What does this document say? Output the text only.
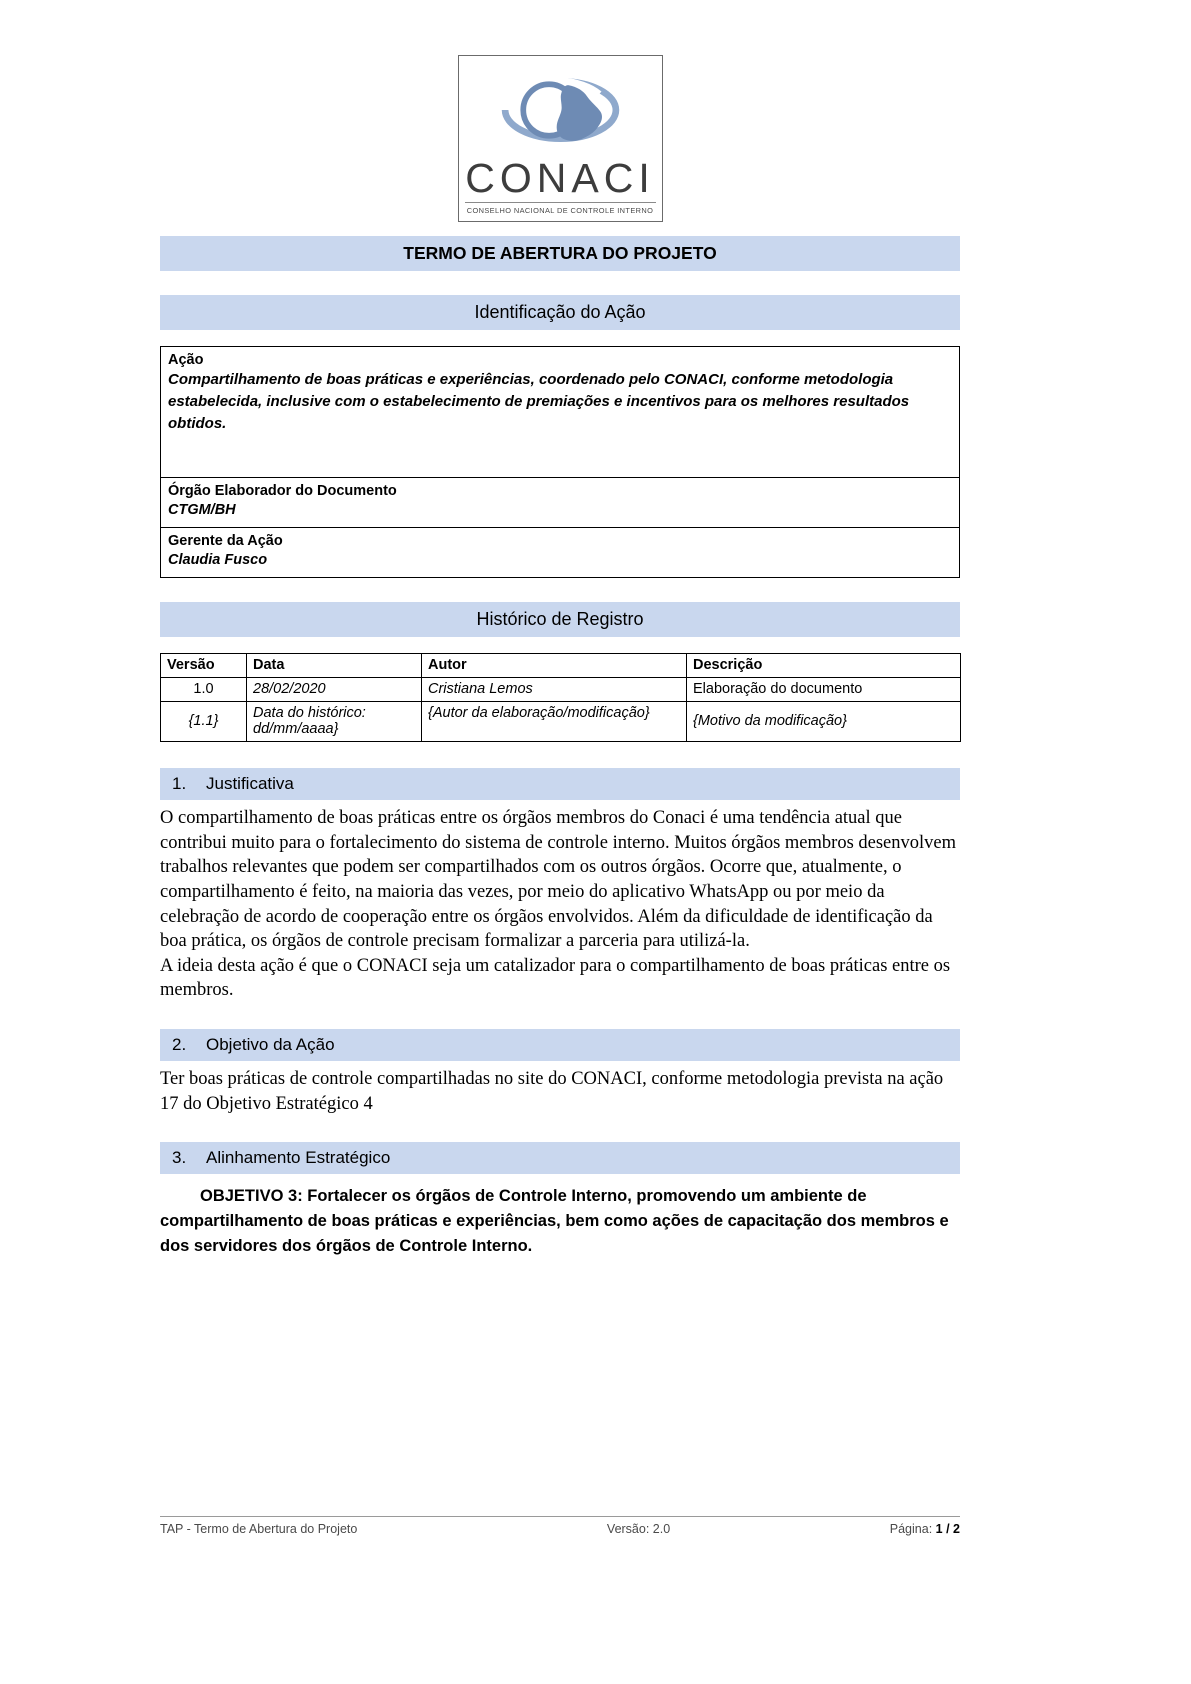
CONACI
CONSELHO NACIONAL DE CONTROLE INTERNO
TERMO DE ABERTURA DO PROJETO
Identificação do Ação
Ação
Compartilhamento de boas práticas e experiências, coordenado pelo CONACI, conforme metodologia estabelecida, inclusive com o estabelecimento de premiações e incentivos para os melhores resultados obtidos.

Órgão Elaborador do Documento
CTGM/BH

Gerente da Ação
Claudia Fusco
Histórico de Registro
Versão	Data	Autor	Descrição
1.0	28/02/2020	Cristiana Lemos	Elaboração do documento
{1.1}	Data do histórico: dd/mm/aaaa}	{Autor da elaboração/modificação}	{Motivo da modificação}
1. Justificativa

O compartilhamento de boas práticas entre os órgãos membros do Conaci é uma tendência atual que contribui muito para o fortalecimento do sistema de controle interno. Muitos órgãos membros desenvolvem trabalhos relevantes que podem ser compartilhados com os outros órgãos. Ocorre que, atualmente, o compartilhamento é feito, na maioria das vezes, por meio do aplicativo WhatsApp ou por meio da celebração de acordo de cooperação entre os órgãos envolvidos. Além da dificuldade de identificação da boa prática, os órgãos de controle precisam formalizar a parceria para utilizá-la.

A ideia desta ação é que o CONACI seja um catalizador para o compartilhamento de boas práticas entre os membros.

2. Objetivo da Ação

Ter boas práticas de controle compartilhadas no site do CONACI, conforme metodologia prevista na ação 17 do Objetivo Estratégico 4

3. Alinhamento Estratégico
OBJETIVO 3: Fortalecer os órgãos de Controle Interno, promovendo um ambiente de compartilhamento de boas práticas e experiências, bem como ações de capacitação dos membros e dos servidores dos órgãos de Controle Interno.
TAP - Termo de Abertura do Projeto	Versão: 2.0	Página: 1 / 2
